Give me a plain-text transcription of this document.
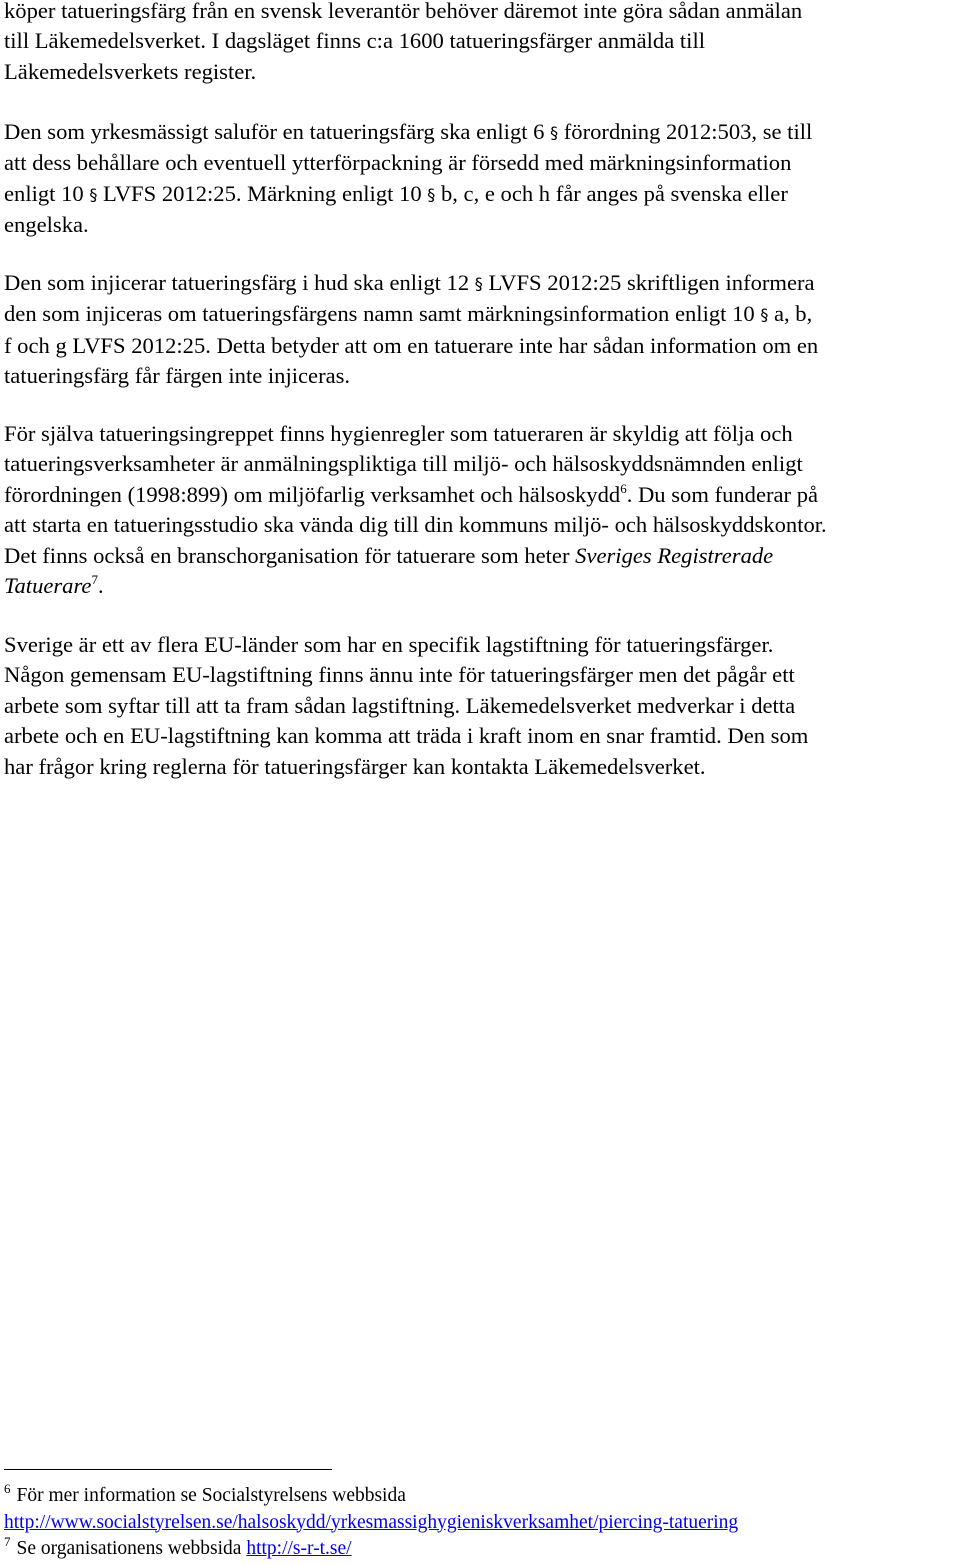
köper tatueringsfärg från en svensk leverantör behöver däremot inte göra sådan anmälan
till Läkemedelsverket. I dagsläget finns c:a 1600 tatueringsfärger anmälda till
Läkemedelsverkets register.

Den som yrkesmässigt saluför en tatueringsfärg ska enligt 6 § förordning 2012:503, se till
att dess behållare och eventuell ytterförpackning är försedd med märkningsinformation
enligt 10 § LVFS 2012:25. Märkning enligt 10 § b, c, e och h får anges på svenska eller
engelska.

Den som injicerar tatueringsfärg i hud ska enligt 12 § LVFS 2012:25 skriftligen informera
den som injiceras om tatueringsfärgens namn samt märkningsinformation enligt 10 § a, b,
f och g LVFS 2012:25. Detta betyder att om en tatuerare inte har sådan information om en
tatueringsfärg får färgen inte injiceras.

För själva tatueringsingreppet finns hygienregler som tatueraren är skyldig att följa och
tatueringsverksamheter är anmälningspliktiga till miljö- och hälsoskyddsnämnden enligt
förordningen (1998:899) om miljöfarlig verksamhet och hälsoskydd$^6$. Du som funderar på
att starta en tatueringsstudio ska vända dig till din kommuns miljö- och hälsoskyddskontor.
Det finns också en branschorganisation för tatuerare som heter Sveriges Registrerade
Tatuerare$^7$.

Sverige är ett av flera EU-länder som har en specifik lagstiftning för tatueringsfärger.
Någon gemensam EU-lagstiftning finns ännu inte för tatueringsfärger men det pågår ett
arbete som syftar till att ta fram sådan lagstiftning. Läkemedelsverket medverkar i detta
arbete och en EU-lagstiftning kan komma att träda i kraft inom en snar framtid. Den som
har frågor kring reglerna för tatueringsfärger kan kontakta Läkemedelsverket.

$^6$ För mer information se Socialstyrelsens webbsida
http://www.socialstyrelsen.se/halsoskydd/yrkesmassighygieniskverksamhet/piercing-tatuering
$^7$ Se organisationens webbsida http://s-r-t.se/
